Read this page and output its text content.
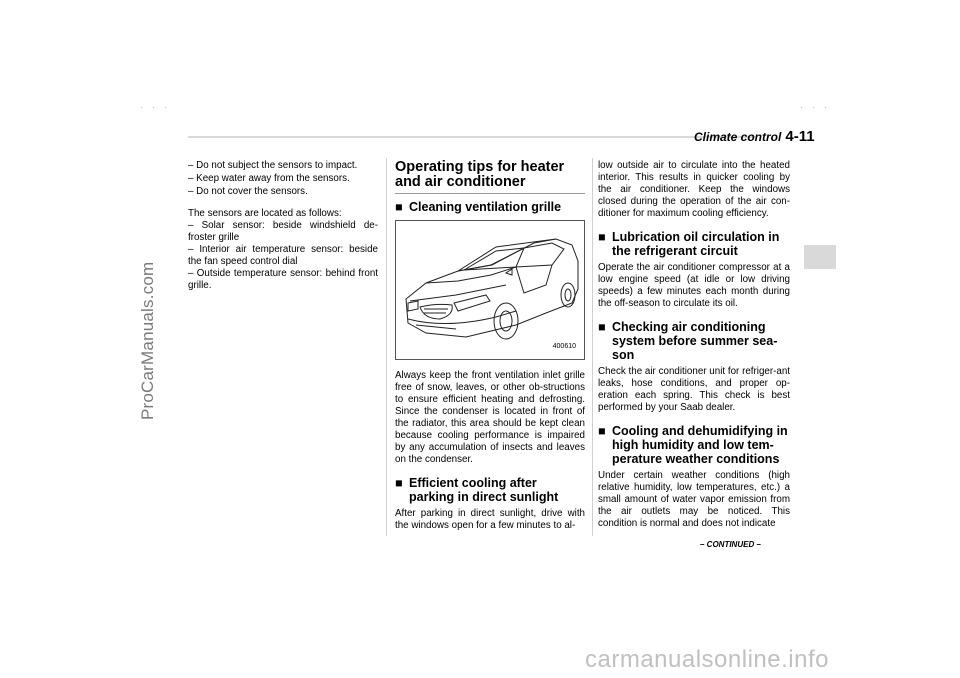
ProCarManuals.com
carmanualsonline.info
···	···
Climate control 4-11

– Do not subject the sensors to impact.

– Keep water away from the sensors.

– Do not cover the sensors.

The sensors are located as follows:

– Solar sensor: beside windshield de-froster grille

– Interior air temperature sensor: beside the fan speed control dial

– Outside temperature sensor: behind front grille.

Operating tips for heater and air conditioner
■ Cleaning ventilation grille
400610

Always keep the front ventilation inlet grille free of snow, leaves, or other ob-structions to ensure efficient heating and defrosting. Since the condenser is located in front of the radiator, this area should be kept clean because cooling performance is impaired by any accumulation of insects and leaves on the condenser.

■ Efficient cooling after parking in direct sunlight

After parking in direct sunlight, drive with the windows open for a few minutes to al-

low outside air to circulate into the heated interior. This results in quicker cooling by the air conditioner. Keep the windows closed during the operation of the air con-ditioner for maximum cooling efficiency.

■ Lubrication oil circulation in the refrigerant circuit

Operate the air conditioner compressor at a low engine speed (at idle or low driving speeds) a few minutes each month during the off-season to circulate its oil.

■ Checking air conditioning system before summer sea-son

Check the air conditioner unit for refriger-ant leaks, hose conditions, and proper op-eration each spring. This check is best performed by your Saab dealer.

■ Cooling and dehumidifying in high humidity and low tem-perature weather conditions

Under certain weather conditions (high relative humidity, low temperatures, etc.) a small amount of water vapor emission from the air outlets may be noticed. This condition is normal and does not indicate

– CONTINUED –
